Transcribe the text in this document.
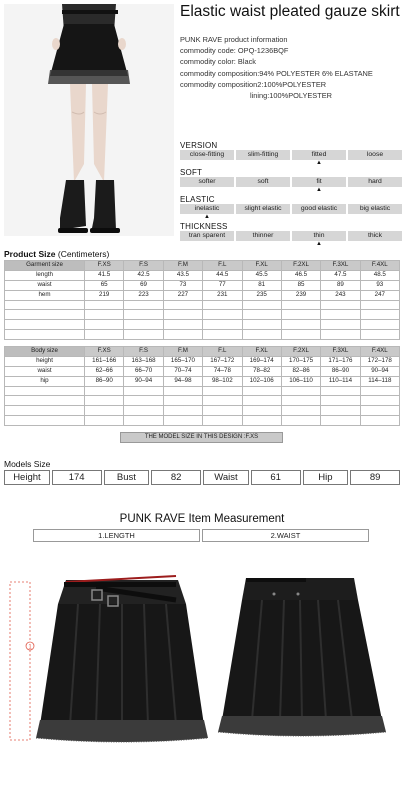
Elastic waist pleated gauze skirt
PUNK RAVE product information
commodity code: OPQ-1236BQF
commodity color: Black
commodity composition:94% POLYESTER 6% ELASTANE
commodity composition2:100%POLYESTER
lining:100%POLYESTER
VERSION
close-fitting	slim-fitting	fitted	loose
▲
SOFT
softer	soft	fit	hard
▲
ELASTIC
inelastic	slight elastic	good elastic	big elastic
▲
THICKNESS
tran sparent	thinner	thin	thick
▲
Product Size (Centimeters)
Garment size	F.XS	F.S	F.M	F.L	F.XL	F.2XL	F.3XL	F.4XL
length	41.5	42.5	43.5	44.5	45.5	46.5	47.5	48.5
waist	65	69	73	77	81	85	89	93
hem	219	223	227	231	235	239	243	247

Body size	F.XS	F.S	F.M	F.L	F.XL	F.2XL	F.3XL	F.4XL
height	161–166	163–168	165–170	167–172	169–174	170–175	171–176	172–178
waist	62–66	66–70	70–74	74–78	78–82	82–86	86–90	90–94
hip	86–90	90–94	94–98	98–102	102–106	106–110	110–114	114–118

THE MODEL SIZE IN THIS DESIGN :F.XS
Models Size
Height	174	Bust	82	Waist	61	Hip	89
PUNK RAVE Item Measurement
1.LENGTH	2.WAIST
1
